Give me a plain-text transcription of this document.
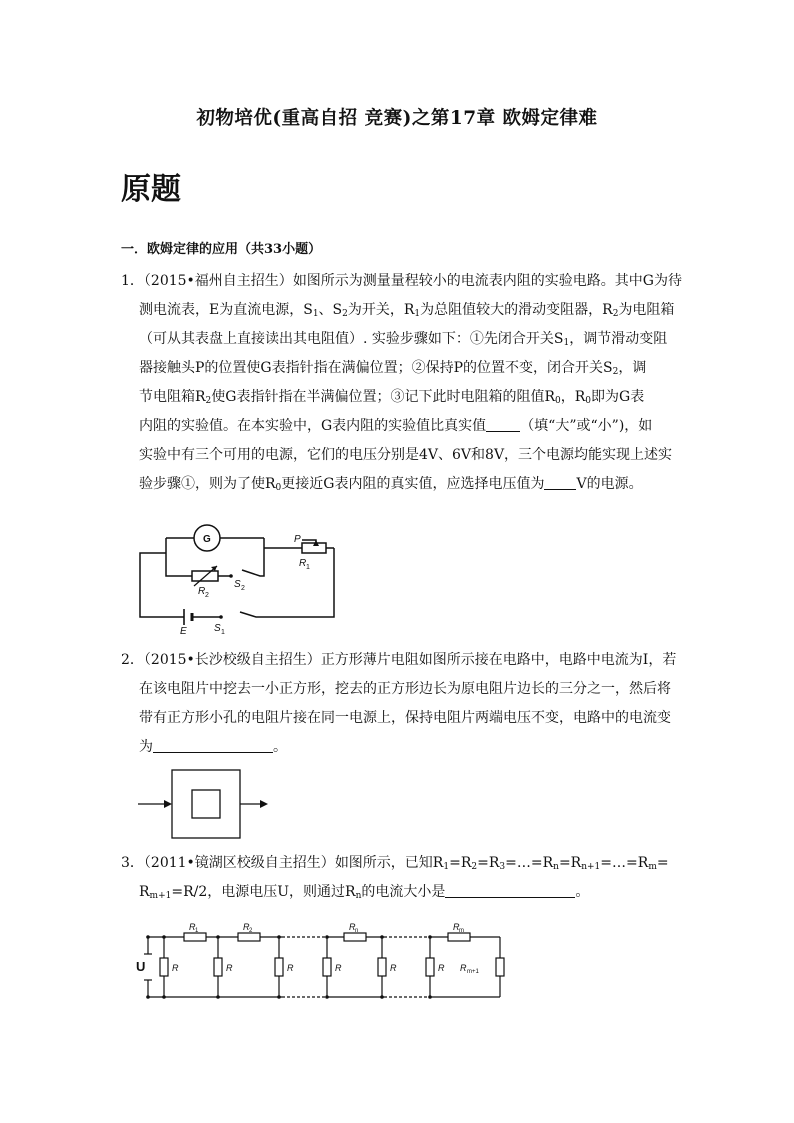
初物培优(重高自招 竞赛)之第17章 欧姆定律难
原题
一．欧姆定律的应用（共33小题）
1．（2015•福州自主招生）如图所示为测量量程较小的电流表内阻的实验电路。其中G为待
测电流表，E为直流电源，$S_1$、$S_2$为开关，$R_1$为总阻值较大的滑动变阻器，$R_2$为电阻箱
（可从其表盘上直接读出其电阻值）. 实验步骤如下：①先闭合开关$S_1$，调节滑动变阻
器接触头P的位置使G表指针指在满偏位置；②保持P的位置不变，闭合开关$S_2$，调
节电阻箱$R_2$使G表指针指在半满偏位置；③记下此时电阻箱的阻值$R_0$，$R_0$即为G表
内阻的实验值。在本实验中，G表内阻的实验值比真实值 （填“大”或“小”)，如
实验中有三个可用的电源，它们的电压分别是4V、6V和8V，三个电源均能实现上述实
验步骤①，则为了使$R_0$更接近G表内阻的真实值，应选择电压值为 V的电源。
G	P
R 1
R 2
S 2
E	S 1
2．（2015•长沙校级自主招生）正方形薄片电阻如图所示接在电路中，电路中电流为I，若
在该电阻片中挖去一小正方形，挖去的正方形边长为原电阻片边长的三分之一，然后将
带有正方形小孔的电阻片接在同一电源上，保持电阻片两端电压不变，电路中的电流变
为	。
3．（2011•镜湖区校级自主招生）如图所示，已知$R_1=R_2=R_3=\dots=R_n=R_{n+1}=\dots=R_m=$
$R_{m+1}=R/2$，电源电压U，则通过$R_n$的电流大小是	。
U
R 1	R 2	R n	R m
R	R	R	R	R	R R m+1
